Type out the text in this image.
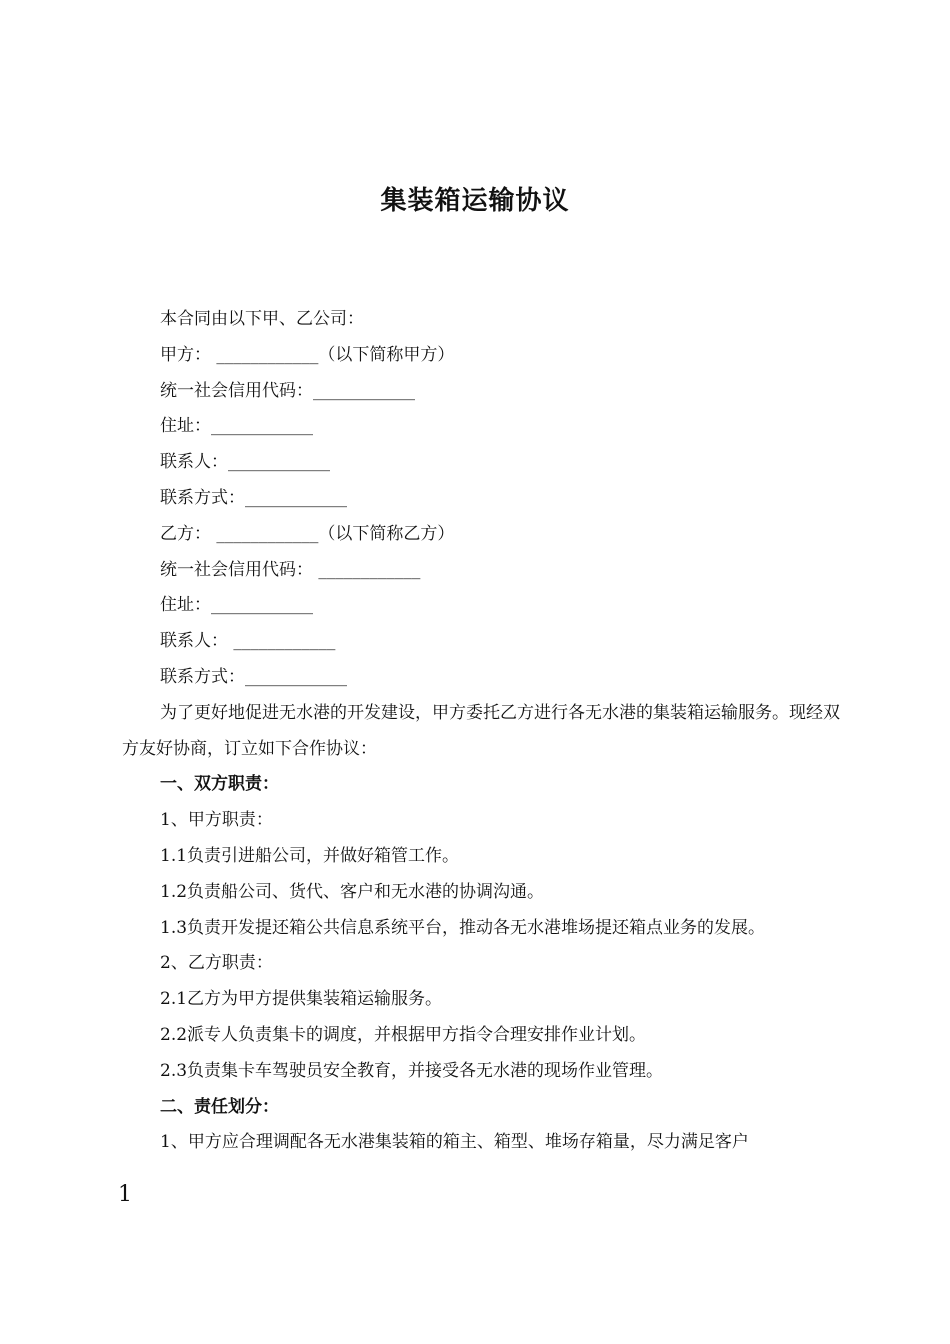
集装箱运输协议

本合同由以下甲、乙公司：

甲方： ____________（以下简称甲方）

统一社会信用代码：____________

住址：____________

联系人：____________

联系方式：____________

乙方： ____________（以下简称乙方）

统一社会信用代码： ____________

住址：____________

联系人： ____________

联系方式：____________

为了更好地促进无水港的开发建设，甲方委托乙方进行各无水港的集装箱运输服务。现经双方友好协商，订立如下合作协议：

一、双方职责：

1、甲方职责：

1.1负责引进船公司，并做好箱管工作。

1.2负责船公司、货代、客户和无水港的协调沟通。

1.3负责开发提还箱公共信息系统平台，推动各无水港堆场提还箱点业务的发展。

2、乙方职责：

2.1乙方为甲方提供集装箱运输服务。

2.2派专人负责集卡的调度，并根据甲方指令合理安排作业计划。

2.3负责集卡车驾驶员安全教育，并接受各无水港的现场作业管理。

二、责任划分：

1、甲方应合理调配各无水港集装箱的箱主、箱型、堆场存箱量，尽力满足客户

1
